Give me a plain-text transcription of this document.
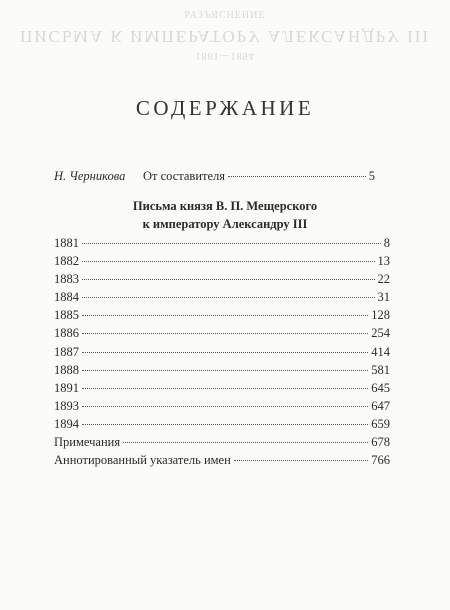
РАЗЪЯСНЕНИЕ
ПИСЬМА К ИМПЕРАТОРУ АЛЕКСАНДРУ III
1881—1894
СОДЕРЖАНИЕ
Н. Черникова	От составителя	5
Письма князя В. П. Мещерского
к императору Александру III
1881	8
1882	13
1883	22
1884	31
1885	128
1886	254
1887	414
1888	581
1891	645
1893	647
1894	659
Примечания	678
Аннотированный указатель имен	766
